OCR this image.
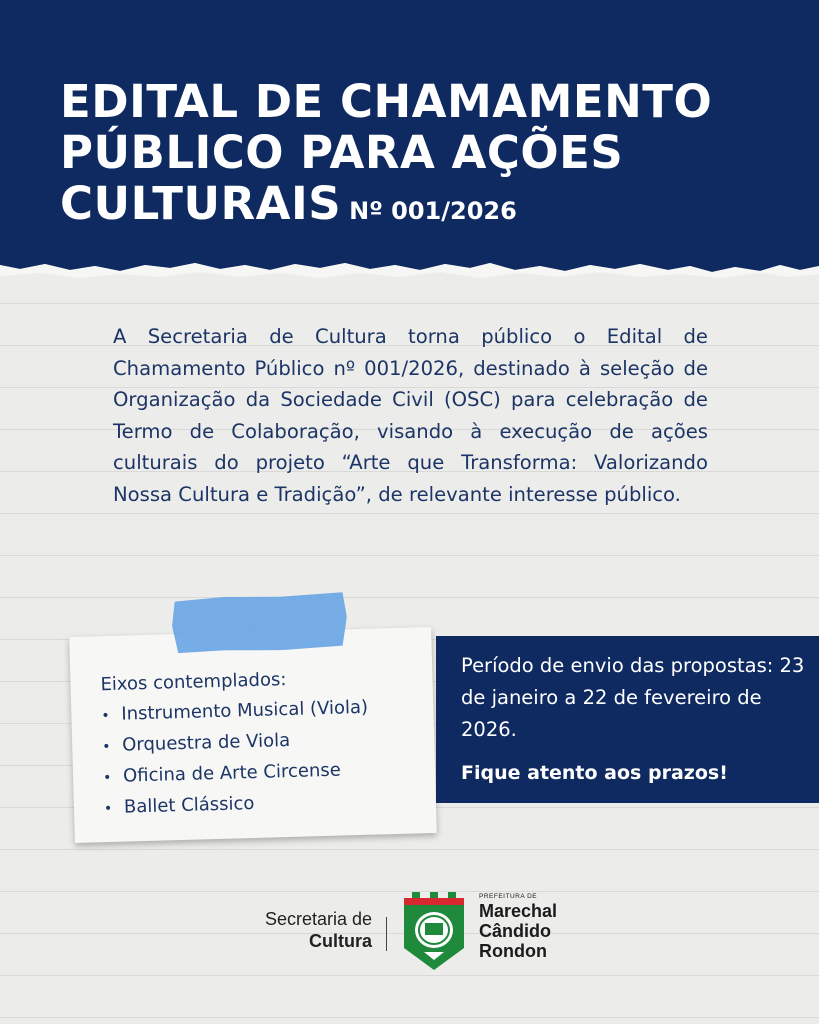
EDITAL DE CHAMAMENTO
PÚBLICO PARA AÇÕES
CULTURAIS Nº 001/2026

A Secretaria de Cultura torna público o Edital de Chamamento Público nº 001/2026, destinado à seleção de Organização da Sociedade Civil (OSC) para celebração de Termo de Colaboração, visando à execução de ações culturais do projeto “Arte que Transforma: Valorizando Nossa Cultura e Tradição”, de relevante interesse público.

Eixos contemplados:

• Instrumento Musical (Viola)
• Orquestra de Viola
• Oficina de Arte Circense
• Ballet Clássico

Período de envio das propostas: 23 de janeiro a 22 de fevereiro de 2026.

Fique atento aos prazos!

Secretaria de
Cultura
PREFEITURA DE
Marechal
Cândido
Rondon
